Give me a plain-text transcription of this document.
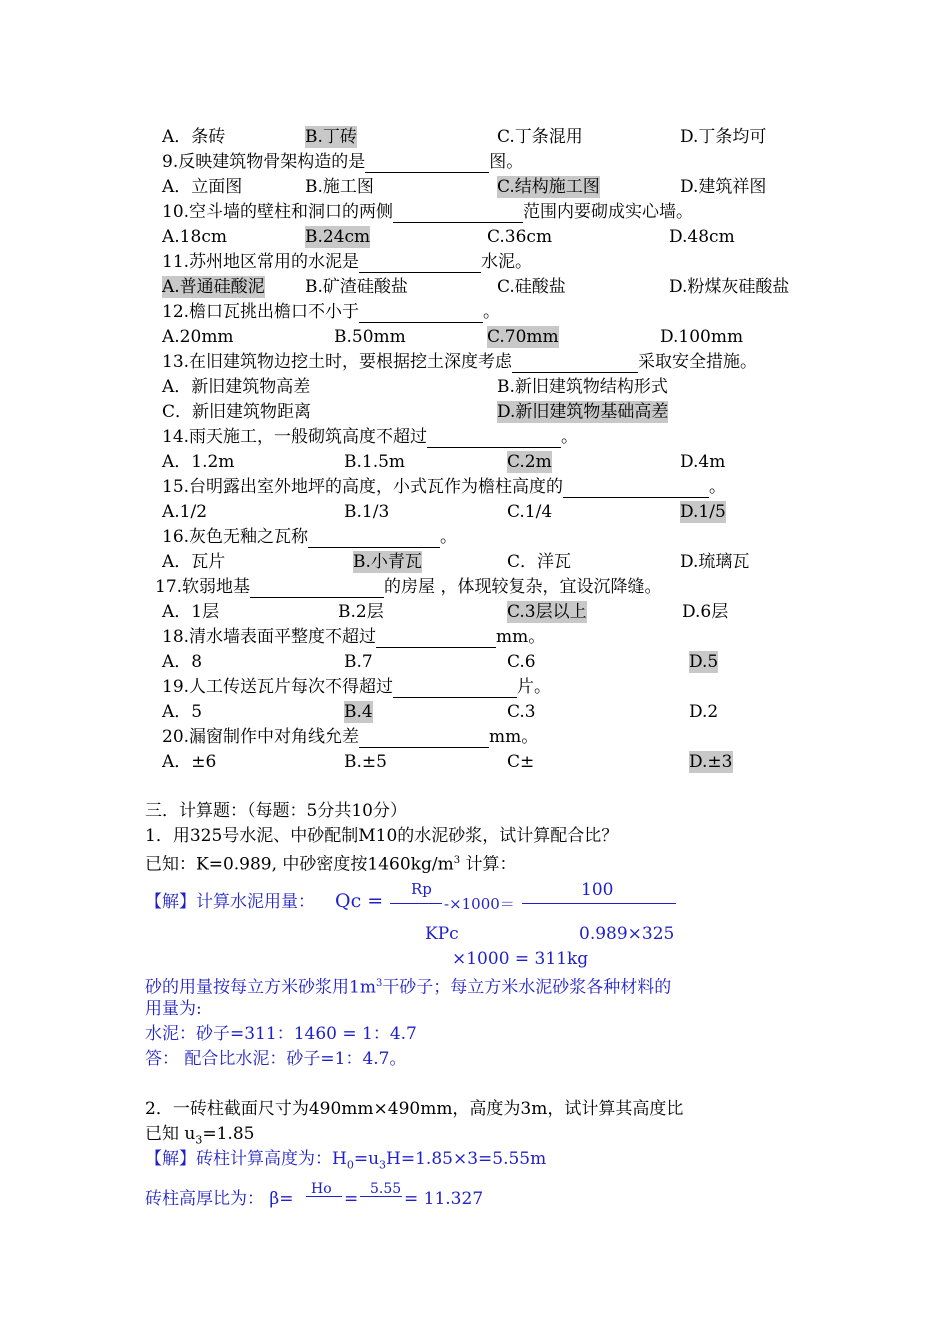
A．条砖	B.丁砖	C.丁条混用	D.丁条均可
9.反映建筑物骨架构造的是	图。
A．立面图	B.施工图	C.结构施工图	D.建筑祥图
10.空斗墙的壁柱和洞口的两侧	范围内要砌成实心墙。
A.18cm	B.24cm	C.36cm	D.48cm
11.苏州地区常用的水泥是	水泥。
A.普通硅酸泥 B.矿渣硅酸盐	C.硅酸盐	D.粉煤灰硅酸盐
12.檐口瓦挑出檐口不小于	。
A.20mm	B.50mm	C.70mm	D.100mm
13.在旧建筑物边挖土时，要根据挖土深度考虑	采取安全措施。
A．新旧建筑物高差	B.新旧建筑物结构形式
C．新旧建筑物距离	D.新旧建筑物基础高差
14.雨天施工，一般砌筑高度不超过	。
A．1.2m	B.1.5m	C.2m	D.4m
15.台明露出室外地坪的高度，小式瓦作为檐柱高度的	。
A.1/2	B.1/3	C.1/4	D.1/5
16.灰色无釉之瓦称	。
A．瓦片	B.小青瓦	C．洋瓦	D.琉璃瓦
17.软弱地基	的房屋 ，体现较复杂，宜设沉降缝。
A．1层	B.2层	C.3层以上	D.6层
18.清水墙表面平整度不超过	mm。
A．8	B.7	C.6	D.5
19.人工传送瓦片每次不得超过	片。
A．5	B.4	C.3	D.2
20.漏窗制作中对角线允差	mm。
A．±6	B.±5	C±	D.±3
三．计算题：（每题：5分共10分）
1．用325号水泥、中砂配制M10的水泥砂浆，试计算配合比？
已知：K=0.989, 中砂密度按$1460kg/m^3$ 计算：
【解】计算水泥用量： Qc =
Rp
-×1000＝
100
KPc	0.989×325
×1000 = 311kg
砂的用量按每立方米砂浆用$1m^3$干砂子；每立方米水泥砂浆各种材料的
用量为:
水泥：砂子=311：1460 = 1：4.7
答： 配合比水泥：砂子=1：4.7。
2．一砖柱截面尺寸为490mm×490mm，高度为3m，试计算其高度比
已知 $u_3=1.85$
【解】砖柱计算高度为：$H_0=u_3H=1.85\times 3=5.55m$
砖柱高厚比为： β= Ho = 5.55 = 11.327
